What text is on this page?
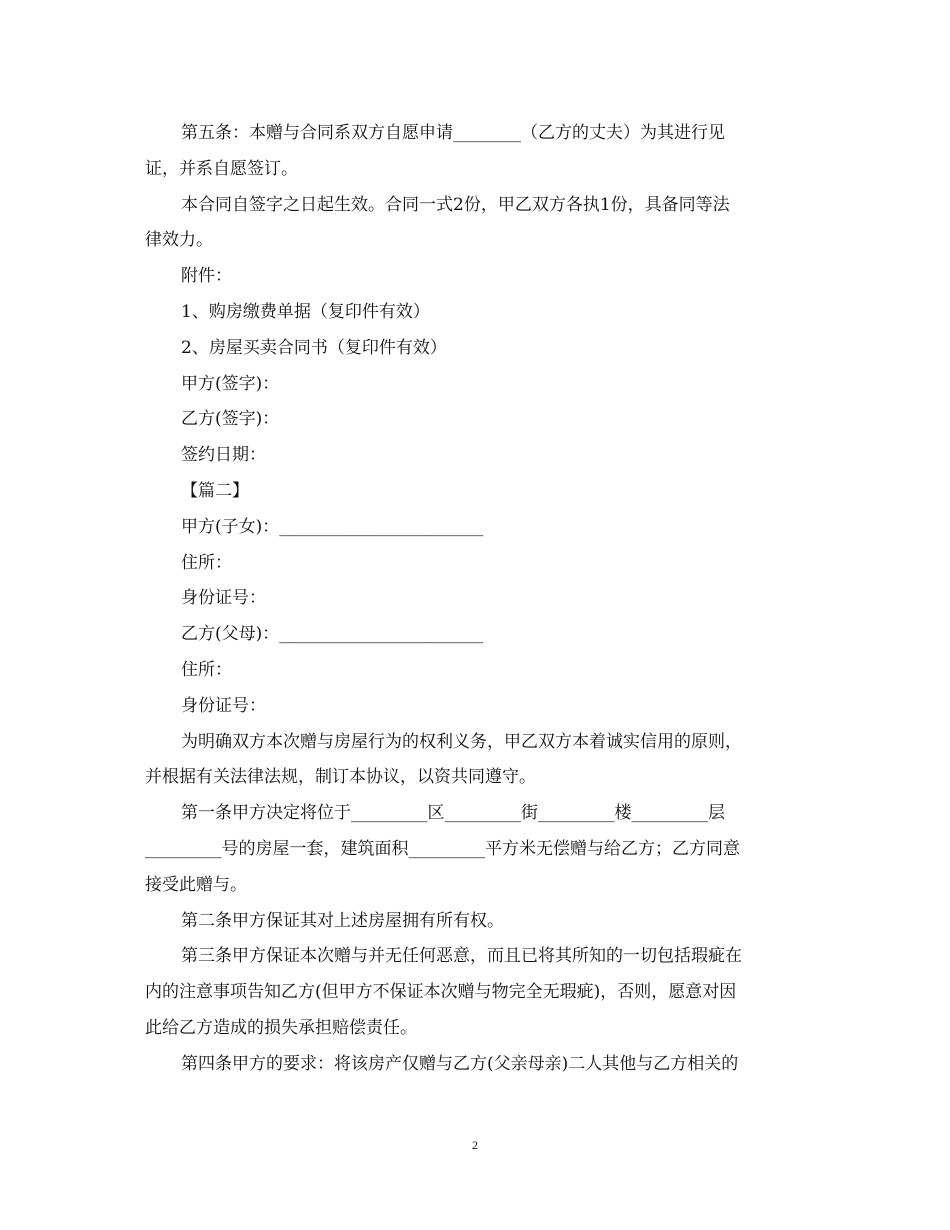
第五条：本赠与合同系双方自愿申请________（乙方的丈夫）为其进行见
证，并系自愿签订。
本合同自签字之日起生效。合同一式2份，甲乙双方各执1份，具备同等法
律效力。
附件：
1、购房缴费单据（复印件有效）
2、房屋买卖合同书（复印件有效）
甲方(签字)：
乙方(签字)：
签约日期：
【篇二】
甲方(子女)：________________________
住所：
身份证号：
乙方(父母)：________________________
住所：
身份证号：
为明确双方本次赠与房屋行为的权利义务，甲乙双方本着诚实信用的原则，
并根据有关法律法规，制订本协议，以资共同遵守。
第一条甲方决定将位于_________区_________街_________楼_________层
_________号的房屋一套，建筑面积_________平方米无偿赠与给乙方；乙方同意
接受此赠与。
第二条甲方保证其对上述房屋拥有所有权。
第三条甲方保证本次赠与并无任何恶意，而且已将其所知的一切包括瑕疵在
内的注意事项告知乙方(但甲方不保证本次赠与物完全无瑕疵)，否则，愿意对因
此给乙方造成的损失承担赔偿责任。
第四条甲方的要求：将该房产仅赠与乙方(父亲母亲)二人其他与乙方相关的
2
